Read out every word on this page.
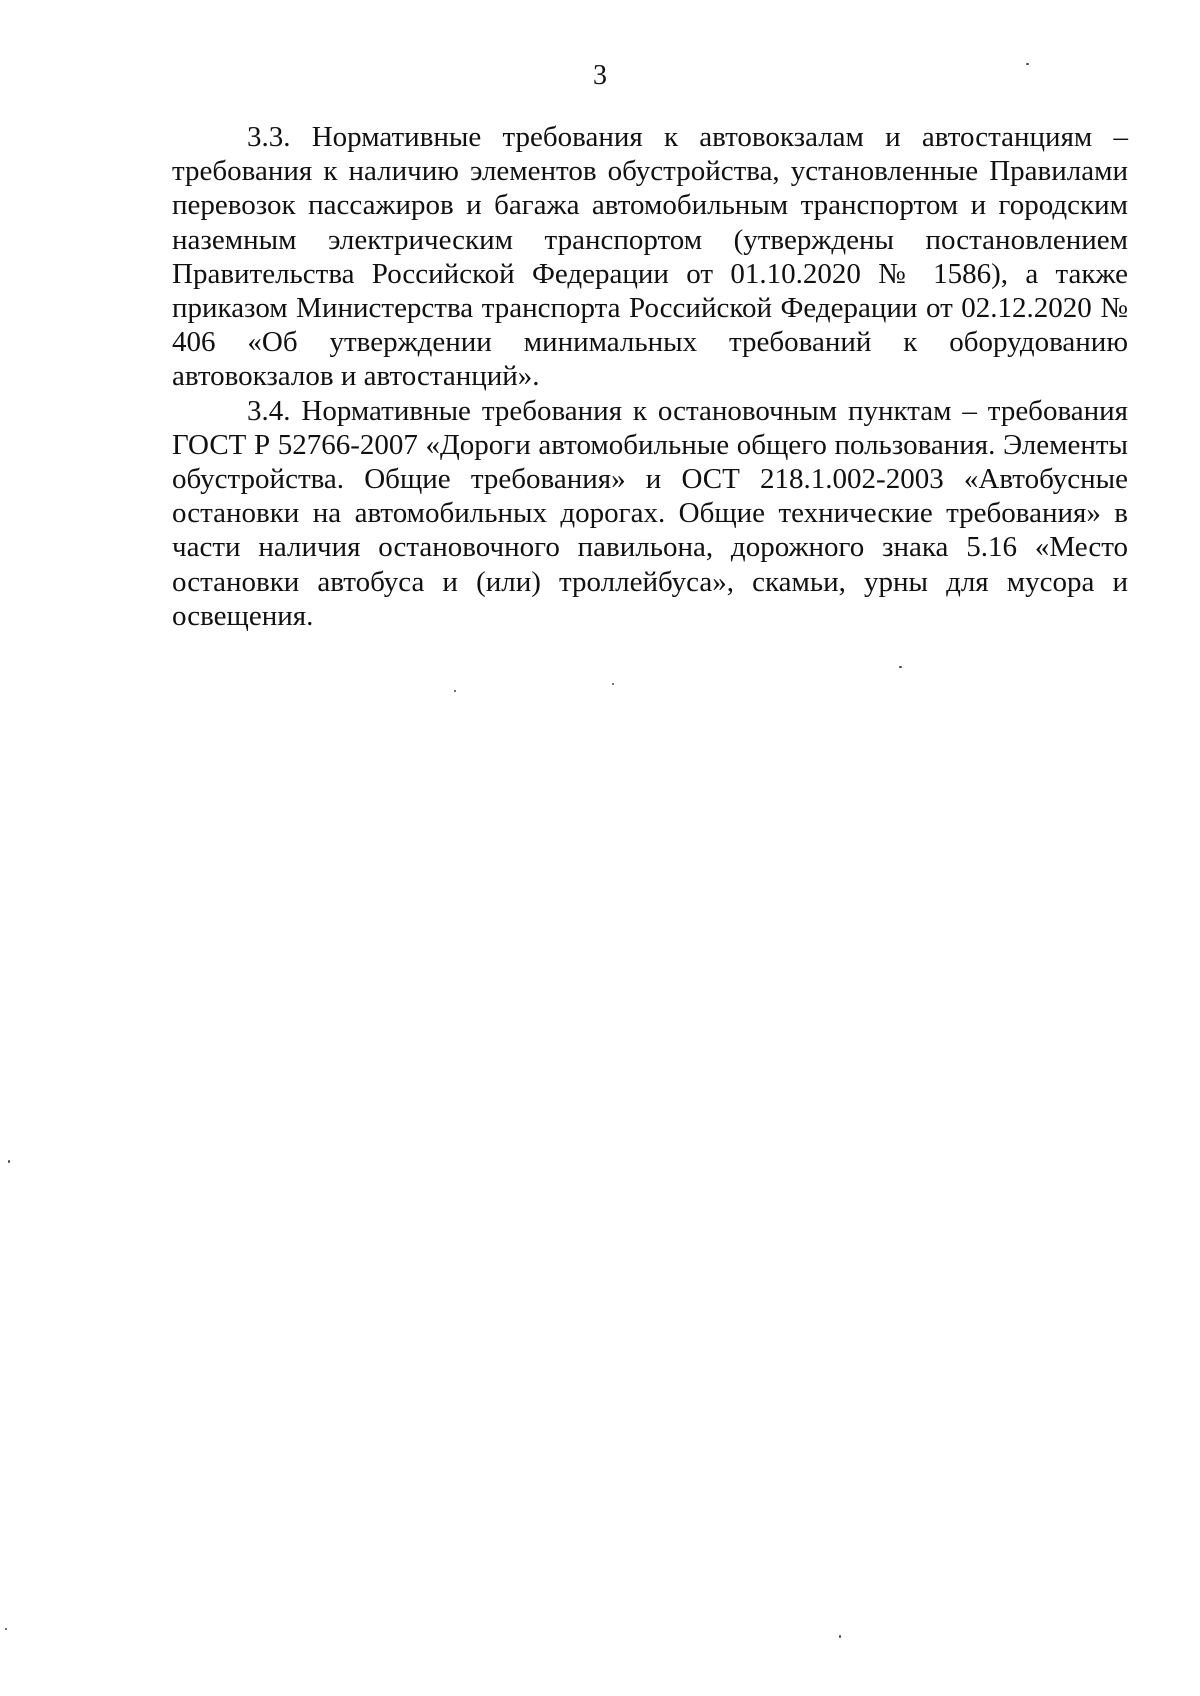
3

3.3. Нормативные требования к автовокзалам и автостанциям – требования к наличию элементов обустройства, установленные Правилами перевозок пассажиров и багажа автомобильным транспортом и городским наземным электрическим транспортом (утверждены постановлением Правительства Российской Федерации от 01.10.2020 № 1586), а также приказом Министерства транспорта Российской Федерации от 02.12.2020 № 406 «Об утверждении минимальных требований к оборудованию автовокзалов и автостанций».

3.4. Нормативные требования к остановочным пунктам – требования ГОСТ Р 52766-2007 «Дороги автомобильные общего пользования. Элементы обустройства. Общие требования» и ОСТ 218.1.002-2003 «Автобусные остановки на автомобильных дорогах. Общие технические требования» в части наличия остановочного павильона, дорожного знака 5.16 «Место остановки автобуса и (или) троллейбуса», скамьи, урны для мусора и освещения.
